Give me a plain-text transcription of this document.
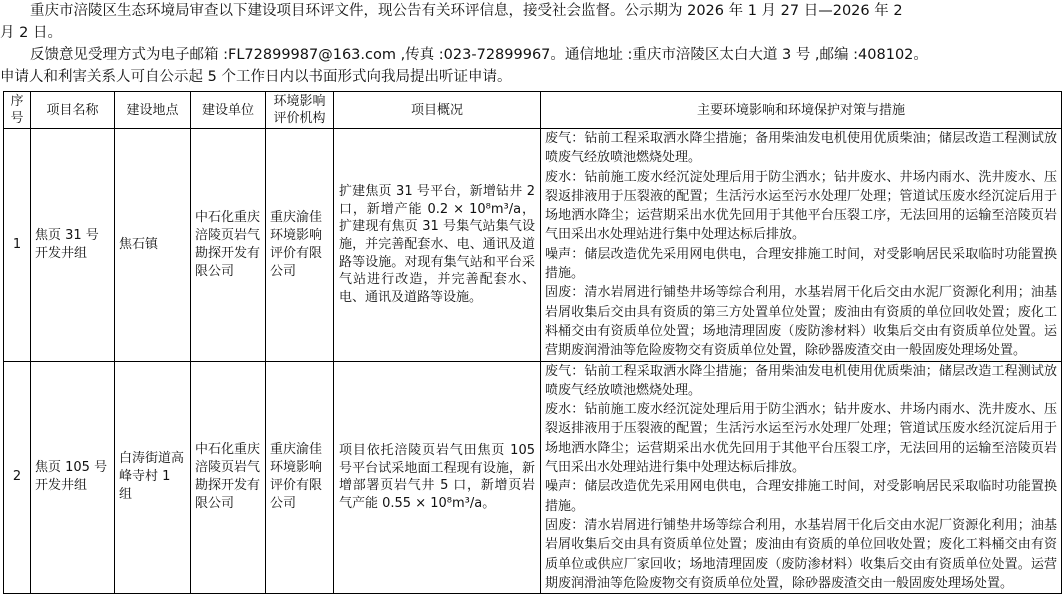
重庆市涪陵区生态环境局审查以下建设项目环评文件，现公告有关环评信息，接受社会监督。公示期为 2026 年 1 月 27 日—2026 年 2

月 2 日。

反馈意见受理方式为电子邮箱 :FL72899987@163.com ,传真 :023-72899967。通信地址 :重庆市涪陵区太白大道 3 号 ,邮编 :408102。

申请人和利害关系人可自公示起 5 个工作日内以书面形式向我局提出听证申请。

序号	项目名称	建设地点	建设单位	环境影响评价机构	项目概况	主要环境影响和环境保护对策与措施
1	焦页 31 号开发井组	焦石镇	中石化重庆涪陵页岩气勘探开发有限公司	重庆渝佳环境影响评价有限公司	扩建焦页 31 号平台，新增钻井 2 口，新增产能 0.2 × 10⁸m³/a，扩建现有焦页 31 号集气站集气设施，并完善配套水、电、通讯及道路等设施。对现有集气站和平台采气站进行改造，并完善配套水、电、通讯及道路等设施。	废气：钻前工程采取洒水降尘措施；备用柴油发电机使用优质柴油；储层改造工程测试放喷废气经放喷池燃烧处理。
废水：钻前施工废水经沉淀处理后用于防尘洒水；钻井废水、井场内雨水、洗井废水、压裂返排液用于压裂液的配置；生活污水运至污水处理厂处理；管道试压废水经沉淀后用于场地洒水降尘；运营期采出水优先回用于其他平台压裂工序，无法回用的运输至涪陵页岩气田采出水处理站进行集中处理达标后排放。
噪声：储层改造优先采用网电供电，合理安排施工时间，对受影响居民采取临时功能置换措施。
固废：清水岩屑进行铺垫井场等综合利用，水基岩屑干化后交由水泥厂资源化利用；油基岩屑收集后交由具有资质的第三方处置单位处置；废油由有资质的单位回收处置；废化工料桶交由有资质单位处置；场地清理固废（废防渗材料）收集后交由有资质单位处置。运营期废润滑油等危险废物交有资质单位处置，除砂器废渣交由一般固废处理场处置。

2	焦页 105 号开发井组	白涛街道高峰寺村 1 组	中石化重庆涪陵页岩气勘探开发有限公司	重庆渝佳环境影响评价有限公司	项目依托涪陵页岩气田焦页 105 号平台试采地面工程现有设施，新增部署页岩气井 5 口，新增页岩气产能 0.55 × 10⁸m³/a。	废气：钻前工程采取洒水降尘措施；备用柴油发电机使用优质柴油；储层改造工程测试放喷废气经放喷池燃烧处理。
废水：钻前施工废水经沉淀处理后用于防尘洒水；钻井废水、井场内雨水、洗井废水、压裂返排液用于压裂液的配置；生活污水运至污水处理厂处理；管道试压废水经沉淀后用于场地洒水降尘；运营期采出水优先回用于其他平台压裂工序，无法回用的运输至涪陵页岩气田采出水处理站进行集中处理达标后排放。
噪声：储层改造优先采用网电供电，合理安排施工时间，对受影响居民采取临时功能置换措施。
固废：清水岩屑进行铺垫井场等综合利用，水基岩屑干化后交由水泥厂资源化利用；油基岩屑收集后交由具有资质单位处置；废油由有资质的单位回收处置；废化工料桶交由有资质单位或供应厂家回收；场地清理固废（废防渗材料）收集后交由有资质单位处置。运营期废润滑油等危险废物交有资质单位处置，除砂器废渣交由一般固废处理场处置。
